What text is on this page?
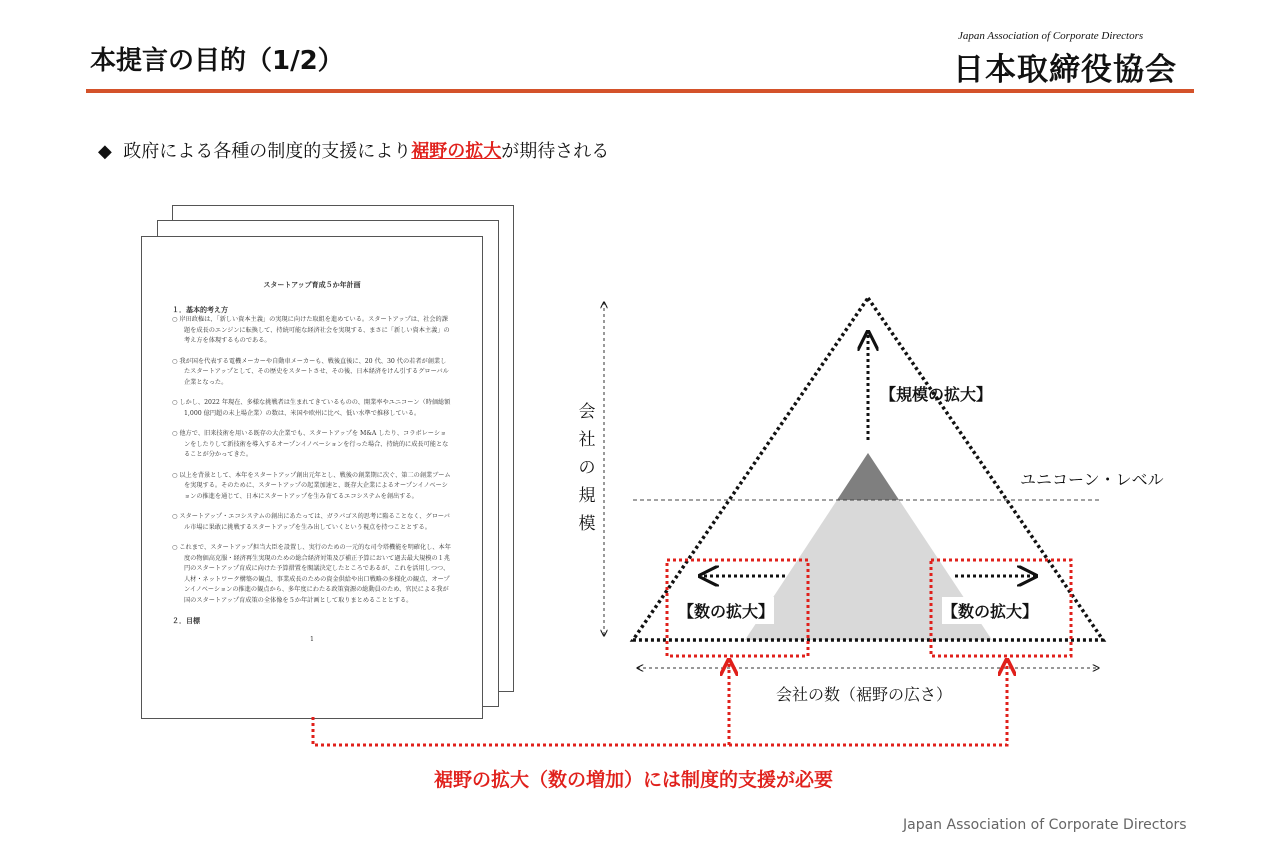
本提言の目的（1/2）
Japan Association of Corporate Directors
日本取締役協会
◆ 政府による各種の制度的支援により裾野の拡大が期待される
スタートアップ育成５か年計画
１．基本的考え方
○ 岸田政権は、「新しい資本主義」の実現に向けた取組を進めている。スタートアップは、社会的課題を成長のエンジンに転換して、持続可能な経済社会を実現する、まさに「新しい資本主義」の考え方を体現するものである。
○ 我が国を代表する電機メーカーや自動車メーカーも、戦後直後に、20 代、30 代の若者が創業したスタートアップとして、その歴史をスタートさせ、その後、日本経済をけん引するグローバル企業となった。
○ しかし、2022 年現在、多様な挑戦者は生まれてきているものの、開業率やユニコーン（時価総額 1,000 億円超の未上場企業）の数は、米国や欧州に比べ、低い水準で推移している。
○ 他方で、旧来技術を用いる既存の大企業でも、スタートアップを M&A したり、コラボレーションをしたりして新技術を導入するオープンイノベーションを行った場合、持続的に成長可能となることが分かってきた。
○ 以上を背景として、本年をスタートアップ創出元年とし、戦後の創業期に次ぐ、第二の創業ブームを実現する。そのために、スタートアップの起業加速と、既存大企業によるオープンイノベーションの推進を通じて、日本にスタートアップを生み育てるエコシステムを創出する。
○ スタートアップ・エコシステムの創出にあたっては、ガラパゴス的思考に陥ることなく、グローバル市場に果敢に挑戦するスタートアップを生み出していくという視点を持つこととする。
○ これまで、スタートアップ担当大臣を設置し、実行のための一元的な司令塔機能を明確化し、本年度の物価高克服・経済再生実現のための総合経済対策及び補正予算において過去最大規模の１兆円のスタートアップ育成に向けた予算措置を閣議決定したところであるが、これを活用しつつ、人材・ネットワーク構築の観点、事業成長のための資金供給や出口戦略の多様化の観点、オープンイノベーションの推進の観点から、多年度にわたる政策資源の総動員のため、官民による我が国のスタートアップ育成策の全体像を５か年計画として取りまとめることとする。
２．目標
1
会
社
の
規
模
【規模の拡大】
ユニコーン・レベル
【数の拡大】	【数の拡大】
会社の数（裾野の広さ）
裾野の拡大（数の増加）には制度的支援が必要
Japan Association of Corporate Directors
